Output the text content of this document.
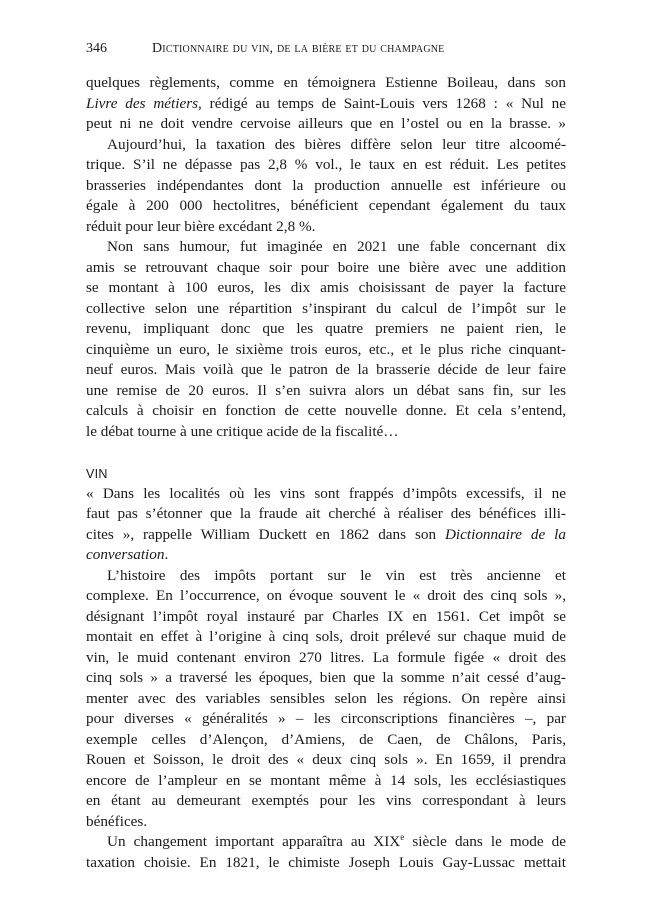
346	Dictionnaire du vin, de la bière et du champagne
quelques règlements, comme en témoignera Estienne Boileau, dans son
Livre des métiers, rédigé au temps de Saint-Louis vers 1268 : « Nul ne
peut ni ne doit vendre cervoise ailleurs que en l’ostel ou en la brasse. »
Aujourd’hui, la taxation des bières diffère selon leur titre alcoomé-
trique. S’il ne dépasse pas 2,8 % vol., le taux en est réduit. Les petites
brasseries indépendantes dont la production annuelle est inférieure ou
égale à 200 000 hectolitres, bénéficient cependant également du taux
réduit pour leur bière excédant 2,8 %.
Non sans humour, fut imaginée en 2021 une fable concernant dix
amis se retrouvant chaque soir pour boire une bière avec une addition
se montant à 100 euros, les dix amis choisissant de payer la facture
collective selon une répartition s’inspirant du calcul de l’impôt sur le
revenu, impliquant donc que les quatre premiers ne paient rien, le
cinquième un euro, le sixième trois euros, etc., et le plus riche cinquant-
neuf euros. Mais voilà que le patron de la brasserie décide de leur faire
une remise de 20 euros. Il s’en suivra alors un débat sans fin, sur les
calculs à choisir en fonction de cette nouvelle donne. Et cela s’entend,
le débat tourne à une critique acide de la fiscalité…
VIN
« Dans les localités où les vins sont frappés d’impôts excessifs, il ne
faut pas s’étonner que la fraude ait cherché à réaliser des bénéfices illi-
cites », rappelle William Duckett en 1862 dans son Dictionnaire de la
conversation.
L’histoire des impôts portant sur le vin est très ancienne et
complexe. En l’occurrence, on évoque souvent le « droit des cinq sols »,
désignant l’impôt royal instauré par Charles IX en 1561. Cet impôt se
montait en effet à l’origine à cinq sols, droit prélevé sur chaque muid de
vin, le muid contenant environ 270 litres. La formule figée « droit des
cinq sols » a traversé les époques, bien que la somme n’ait cessé d’aug-
menter avec des variables sensibles selon les régions. On repère ainsi
pour diverses « généralités » – les circonscriptions financières –, par
exemple celles d’Alençon, d’Amiens, de Caen, de Châlons, Paris,
Rouen et Soisson, le droit des « deux cinq sols ». En 1659, il prendra
encore de l’ampleur en se montant même à 14 sols, les ecclésiastiques
en étant au demeurant exemptés pour les vins correspondant à leurs
bénéfices.
Un changement important apparaîtra au XIXe siècle dans le mode de
taxation choisie. En 1821, le chimiste Joseph Louis Gay-Lussac mettait
